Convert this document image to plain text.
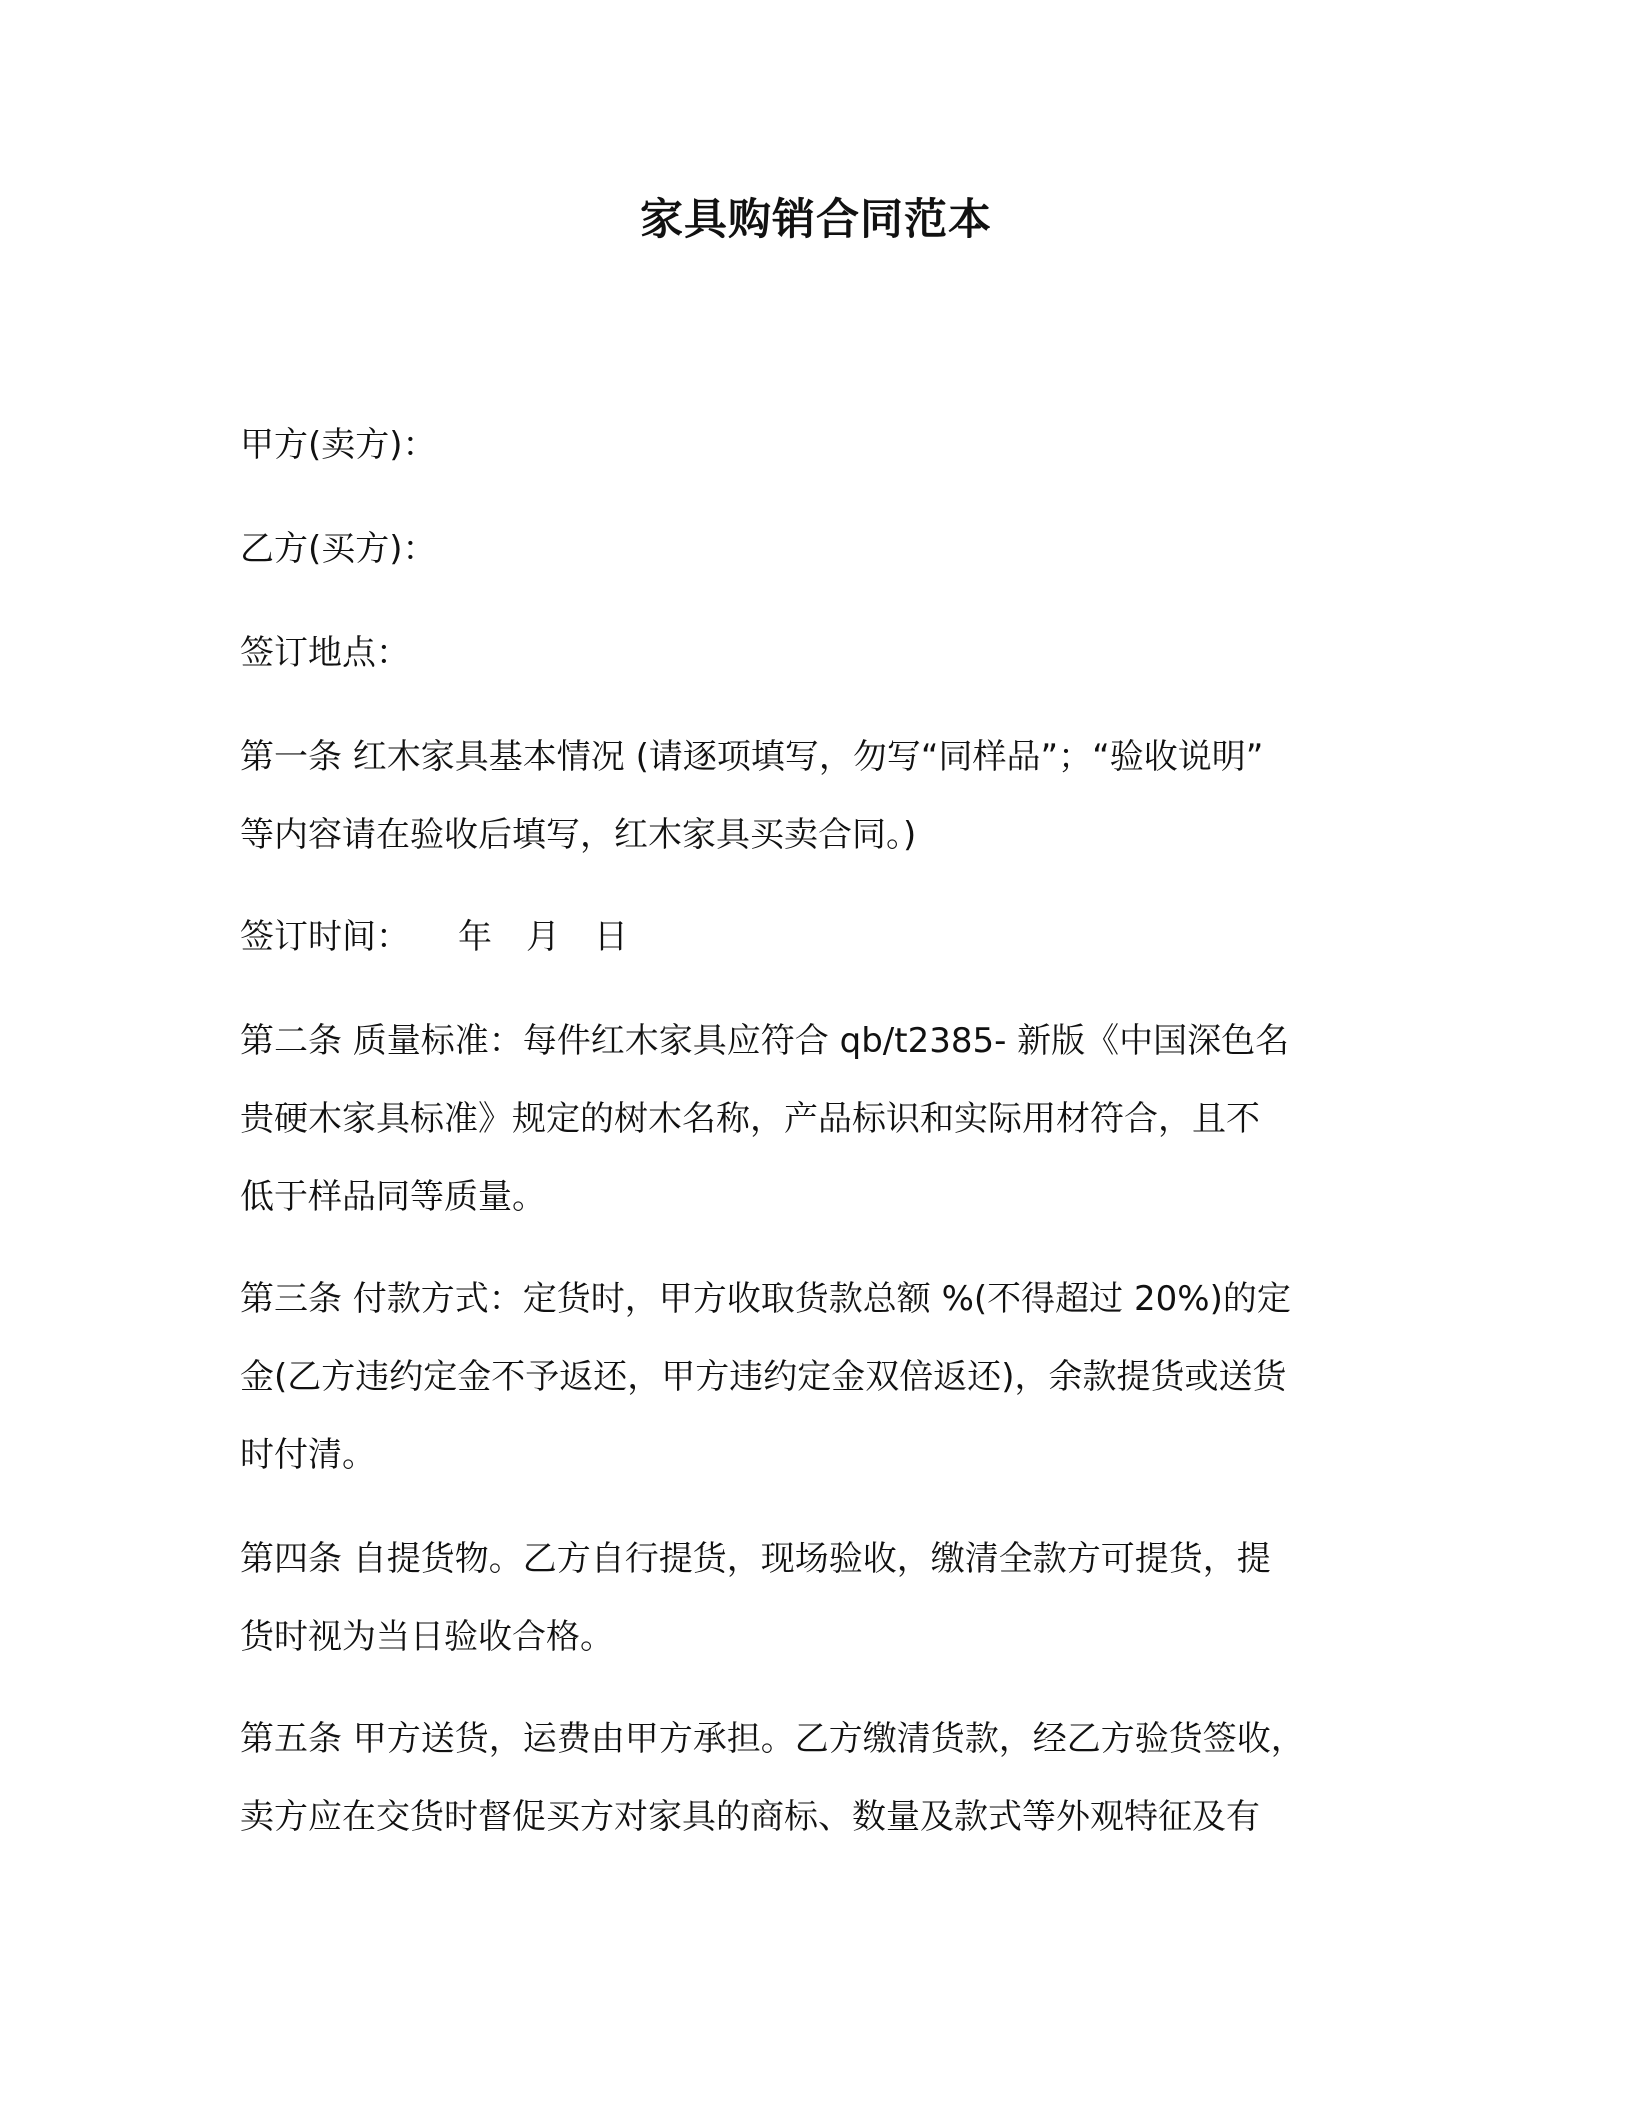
家具购销合同范本
甲方(卖方)：
乙方(买方)：
签订地点：
第一条 红木家具基本情况 (请逐项填写，勿写“同样品”；“验收说明”
等内容请在验收后填写，红木家具买卖合同。)
签订时间： 年 月 日
第二条 质量标准：每件红木家具应符合 qb/t2385- 新版《中国深色名
贵硬木家具标准》规定的树木名称，产品标识和实际用材符合，且不
低于样品同等质量。
第三条 付款方式：定货时，甲方收取货款总额 %(不得超过 20%)的定
金(乙方违约定金不予返还，甲方违约定金双倍返还)，余款提货或送货
时付清。
第四条 自提货物。乙方自行提货，现场验收，缴清全款方可提货，提
货时视为当日验收合格。
第五条 甲方送货，运费由甲方承担。乙方缴清货款，经乙方验货签收，
卖方应在交货时督促买方对家具的商标、数量及款式等外观特征及有
